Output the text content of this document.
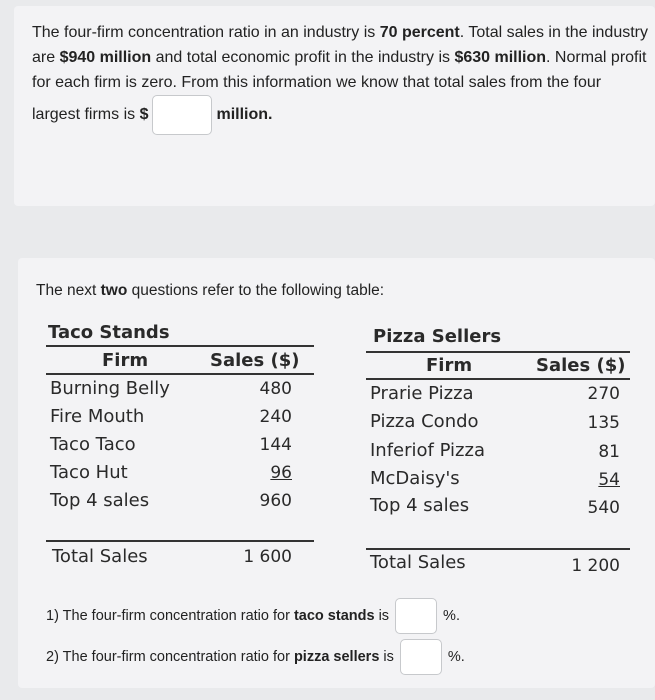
The four-firm concentration ratio in an industry is 70 percent. Total sales in the industry are $940 million and total economic profit in the industry is $630 million. Normal profit for each firm is zero. From this information we know that total sales from the four largest firms is $	million.

The next two questions refer to the following table:

Taco Stands
Firm	Sales ($)
Burning Belly	480
Fire Mouth	240
Taco Taco	144
Taco Hut	96
Top 4 sales	960
Total Sales	1 600
Pizza Sellers
Firm	Sales ($)
Prarie Pizza	270
Pizza Condo	135
Inferiof Pizza	81
McDaisy's	54
Top 4 sales	540
Total Sales	1 200
1) The four-firm concentration ratio for taco stands is	%.
2) The four-firm concentration ratio for pizza sellers is	%.
